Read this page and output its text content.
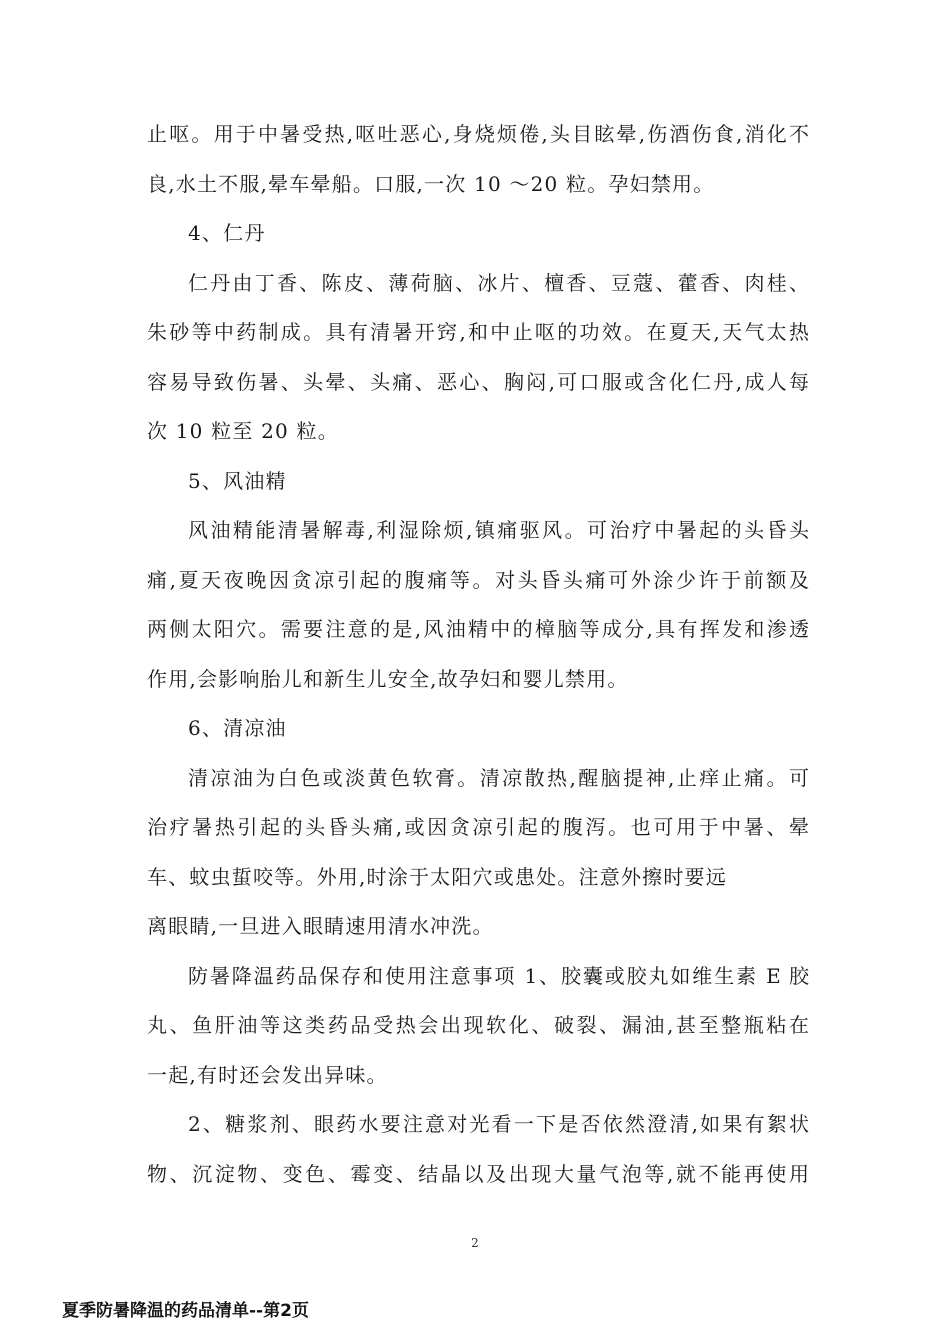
止呕。用于中暑受热,呕吐恶心,身烧烦倦,头目眩晕,伤酒伤食,消化不
良,水土不服,晕车晕船。口服,一次 10 ～20 粒。孕妇禁用。
4、仁丹
仁丹由丁香、陈皮、薄荷脑、冰片、檀香、豆蔻、藿香、肉桂、
朱砂等中药制成。具有清暑开窍,和中止呕的功效。在夏天,天气太热
容易导致伤暑、头晕、头痛、恶心、胸闷,可口服或含化仁丹,成人每
次 10 粒至 20 粒。
5、风油精
风油精能清暑解毒,利湿除烦,镇痛驱风。可治疗中暑起的头昏头
痛,夏天夜晚因贪凉引起的腹痛等。对头昏头痛可外涂少许于前额及
两侧太阳穴。需要注意的是,风油精中的樟脑等成分,具有挥发和渗透
作用,会影响胎儿和新生儿安全,故孕妇和婴儿禁用。
6、清凉油
清凉油为白色或淡黄色软膏。清凉散热,醒脑提神,止痒止痛。可
治疗暑热引起的头昏头痛,或因贪凉引起的腹泻。也可用于中暑、晕
车、蚊虫蜇咬等。外用,时涂于太阳穴或患处。注意外擦时要远
离眼睛,一旦进入眼睛速用清水冲洗。
防暑降温药品保存和使用注意事项 1、胶囊或胶丸如维生素 E 胶
丸、鱼肝油等这类药品受热会出现软化、破裂、漏油,甚至整瓶粘在
一起,有时还会发出异味。
2、糖浆剂、眼药水要注意对光看一下是否依然澄清,如果有絮状
物、沉淀物、变色、霉变、结晶以及出现大量气泡等,就不能再使用
2
夏季防暑降温的药品清单--第2页
